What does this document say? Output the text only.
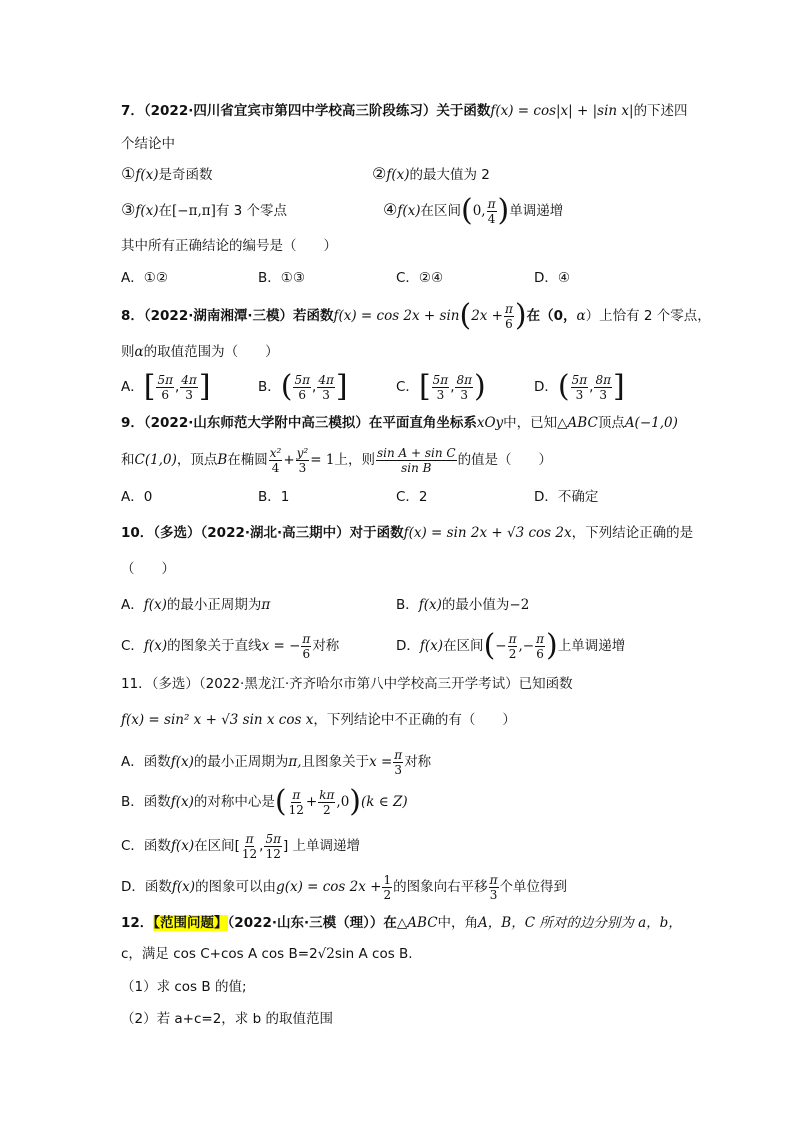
7．（2022·四川省宜宾市第四中学校高三阶段练习）关于函数f(x) = cos|x| + |sin x|的下述四
个结论中
①f(x)是奇函数	②f(x)的最大值为 2
③f(x)在[−π,π]有 3 个零点	④f(x)在区间(0, $\frac{\pi}{4}$ )单调递增
其中所有正确结论的编号是（　　）
A．①②	B．①③	C．②④	D．④
8．（2022·湖南湘潭·三模）若函数$f(x) = \cos 2x + \sin(2x + \frac{\pi}{6}$ )在（0，α）上恰有 2 个零点，
则α的取值范围为（　　）
A．[ $\frac{5\pi}{6}$ , $\frac{4\pi}{3}$ ]	B．( $\frac{5\pi}{6}$ , $\frac{4\pi}{3}$ ]	C．[ $\frac{5\pi}{3}$ , $\frac{8\pi}{3}$ )	D．( $\frac{5\pi}{3}$ , $\frac{8\pi}{3}$ ]
9．（2022·山东师范大学附中高三模拟）在平面直角坐标系xOy中，已知△ABC顶点A(−1,0)
和C(1,0)，顶点B在椭圆 $\frac{\text{x²}}{4} + \frac{\text{y²}}{3} = 1$上，则 $\frac{\text{sin A + sin C}}{\text{sin B}}$ 的值是（　　）
A．0	B．1	C．2	D．不确定
10．（多选）（2022·湖北·高三期中）对于函数f(x) = sin 2x + √3 cos 2x，下列结论正确的是
（　　）
A．f(x)的最小正周期为π	B．f(x)的最小值为−2
C．f(x)的图象关于直线x = − $\frac{\pi}{6}$ 对称	D．f(x)在区间(− $\frac{\pi}{2}$ ,− $\frac{\pi}{6}$ )上单调递增
11．（多选）（2022·黑龙江·齐齐哈尔市第八中学校高三开学考试）已知函数
f(x) = sin² x + √3 sin x cos x，下列结论中不正确的有（　　）
A．函数f(x)的最小正周期为π,且图象关于$x = \frac{\pi}{3}$ 对称
B．函数f(x)的对称中心是( $\frac{\pi}{12} + \frac{k\pi}{2} ,0)(k$ ∈ Z)
C．函数f(x)在区间[ $\frac{\pi}{12}$ , $\frac{5\pi}{12}$ ] 上单调递增
D．函数f(x)的图象可以由$g(x) = \cos 2x + \frac{1}{2}$ 的图象向右平移 $\frac{\pi}{3}$ 个单位得到
12．【范围问题】（2022·山东·三模（理））在△ABC中，角A，B，C 所对的边分别为 a，b，
c，满足 cos C+cos A cos B=2√2sin A cos B.
（1）求 cos B 的值;
（2）若 a+c=2，求 b 的取值范围
